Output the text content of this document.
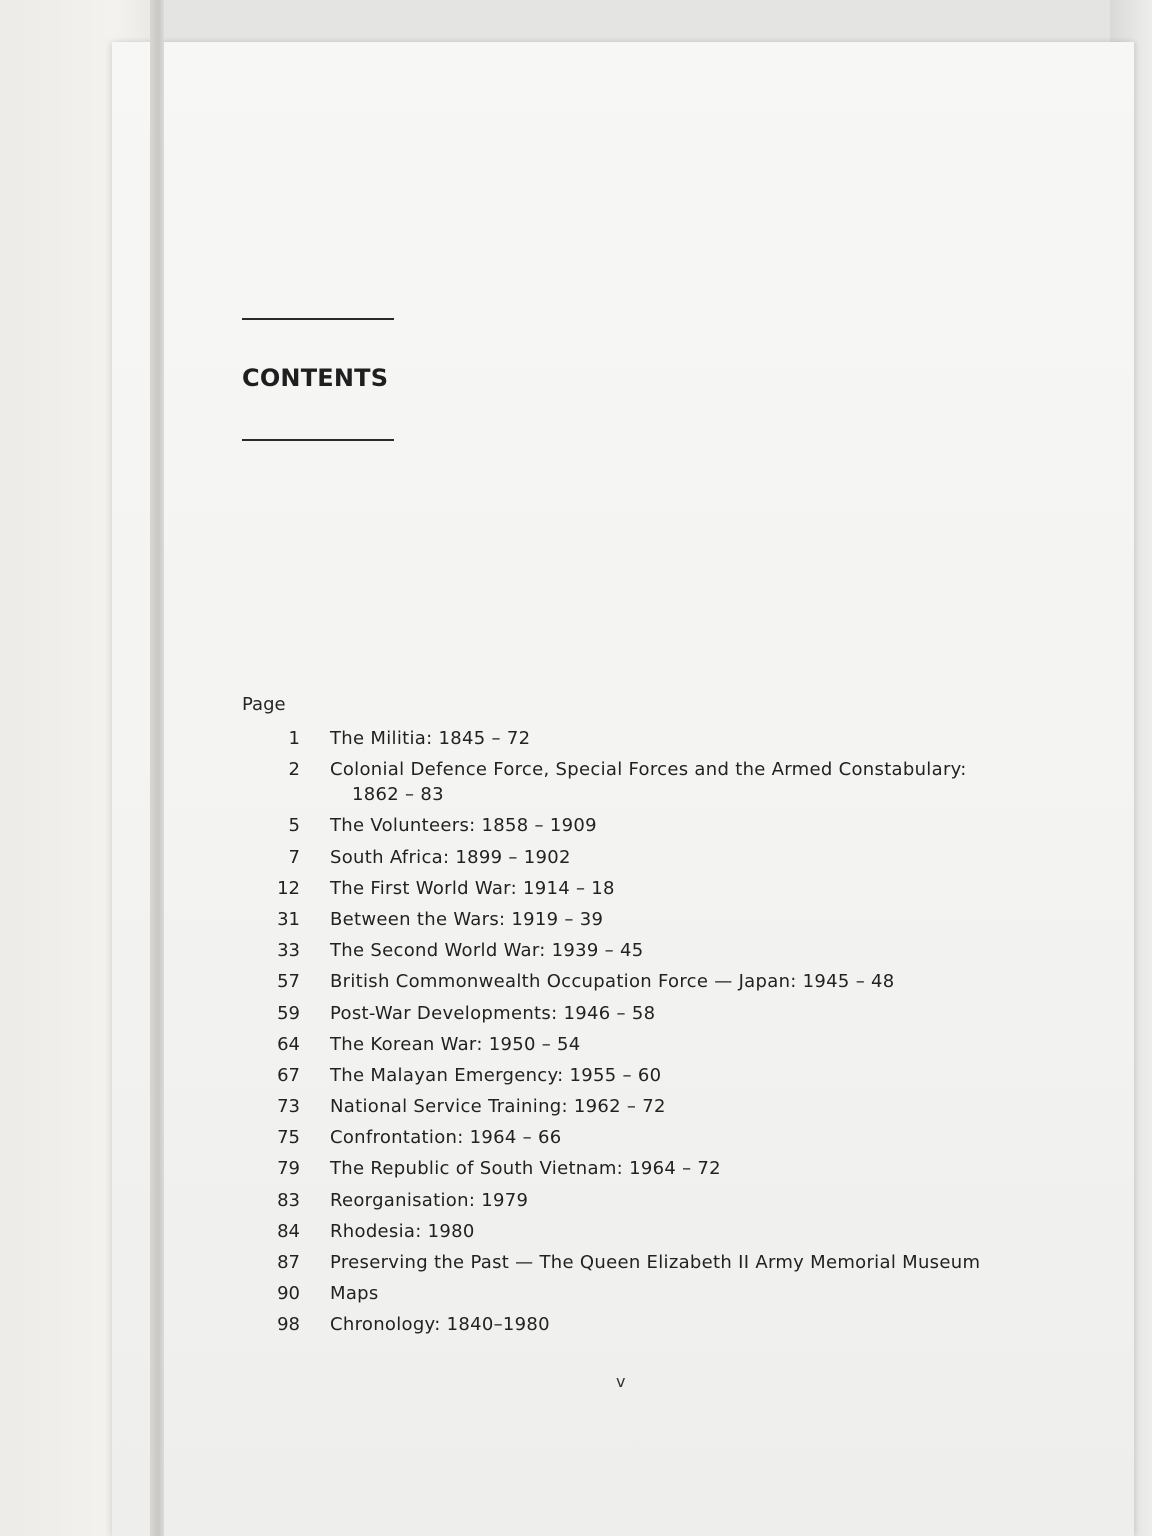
CONTENTS
Page
1	The Militia: 1845 – 72
2	Colonial Defence Force, Special Forces and the Armed Constabulary:
1862 – 83
5	The Volunteers: 1858 – 1909
7	South Africa: 1899 – 1902
12	The First World War: 1914 – 18
31	Between the Wars: 1919 – 39
33	The Second World War: 1939 – 45
57	British Commonwealth Occupation Force — Japan: 1945 – 48
59	Post-War Developments: 1946 – 58
64	The Korean War: 1950 – 54
67	The Malayan Emergency: 1955 – 60
73	National Service Training: 1962 – 72
75	Confrontation: 1964 – 66
79	The Republic of South Vietnam: 1964 – 72
83	Reorganisation: 1979
84	Rhodesia: 1980
87	Preserving the Past — The Queen Elizabeth II Army Memorial Museum
90	Maps
98	Chronology: 1840–1980
v
